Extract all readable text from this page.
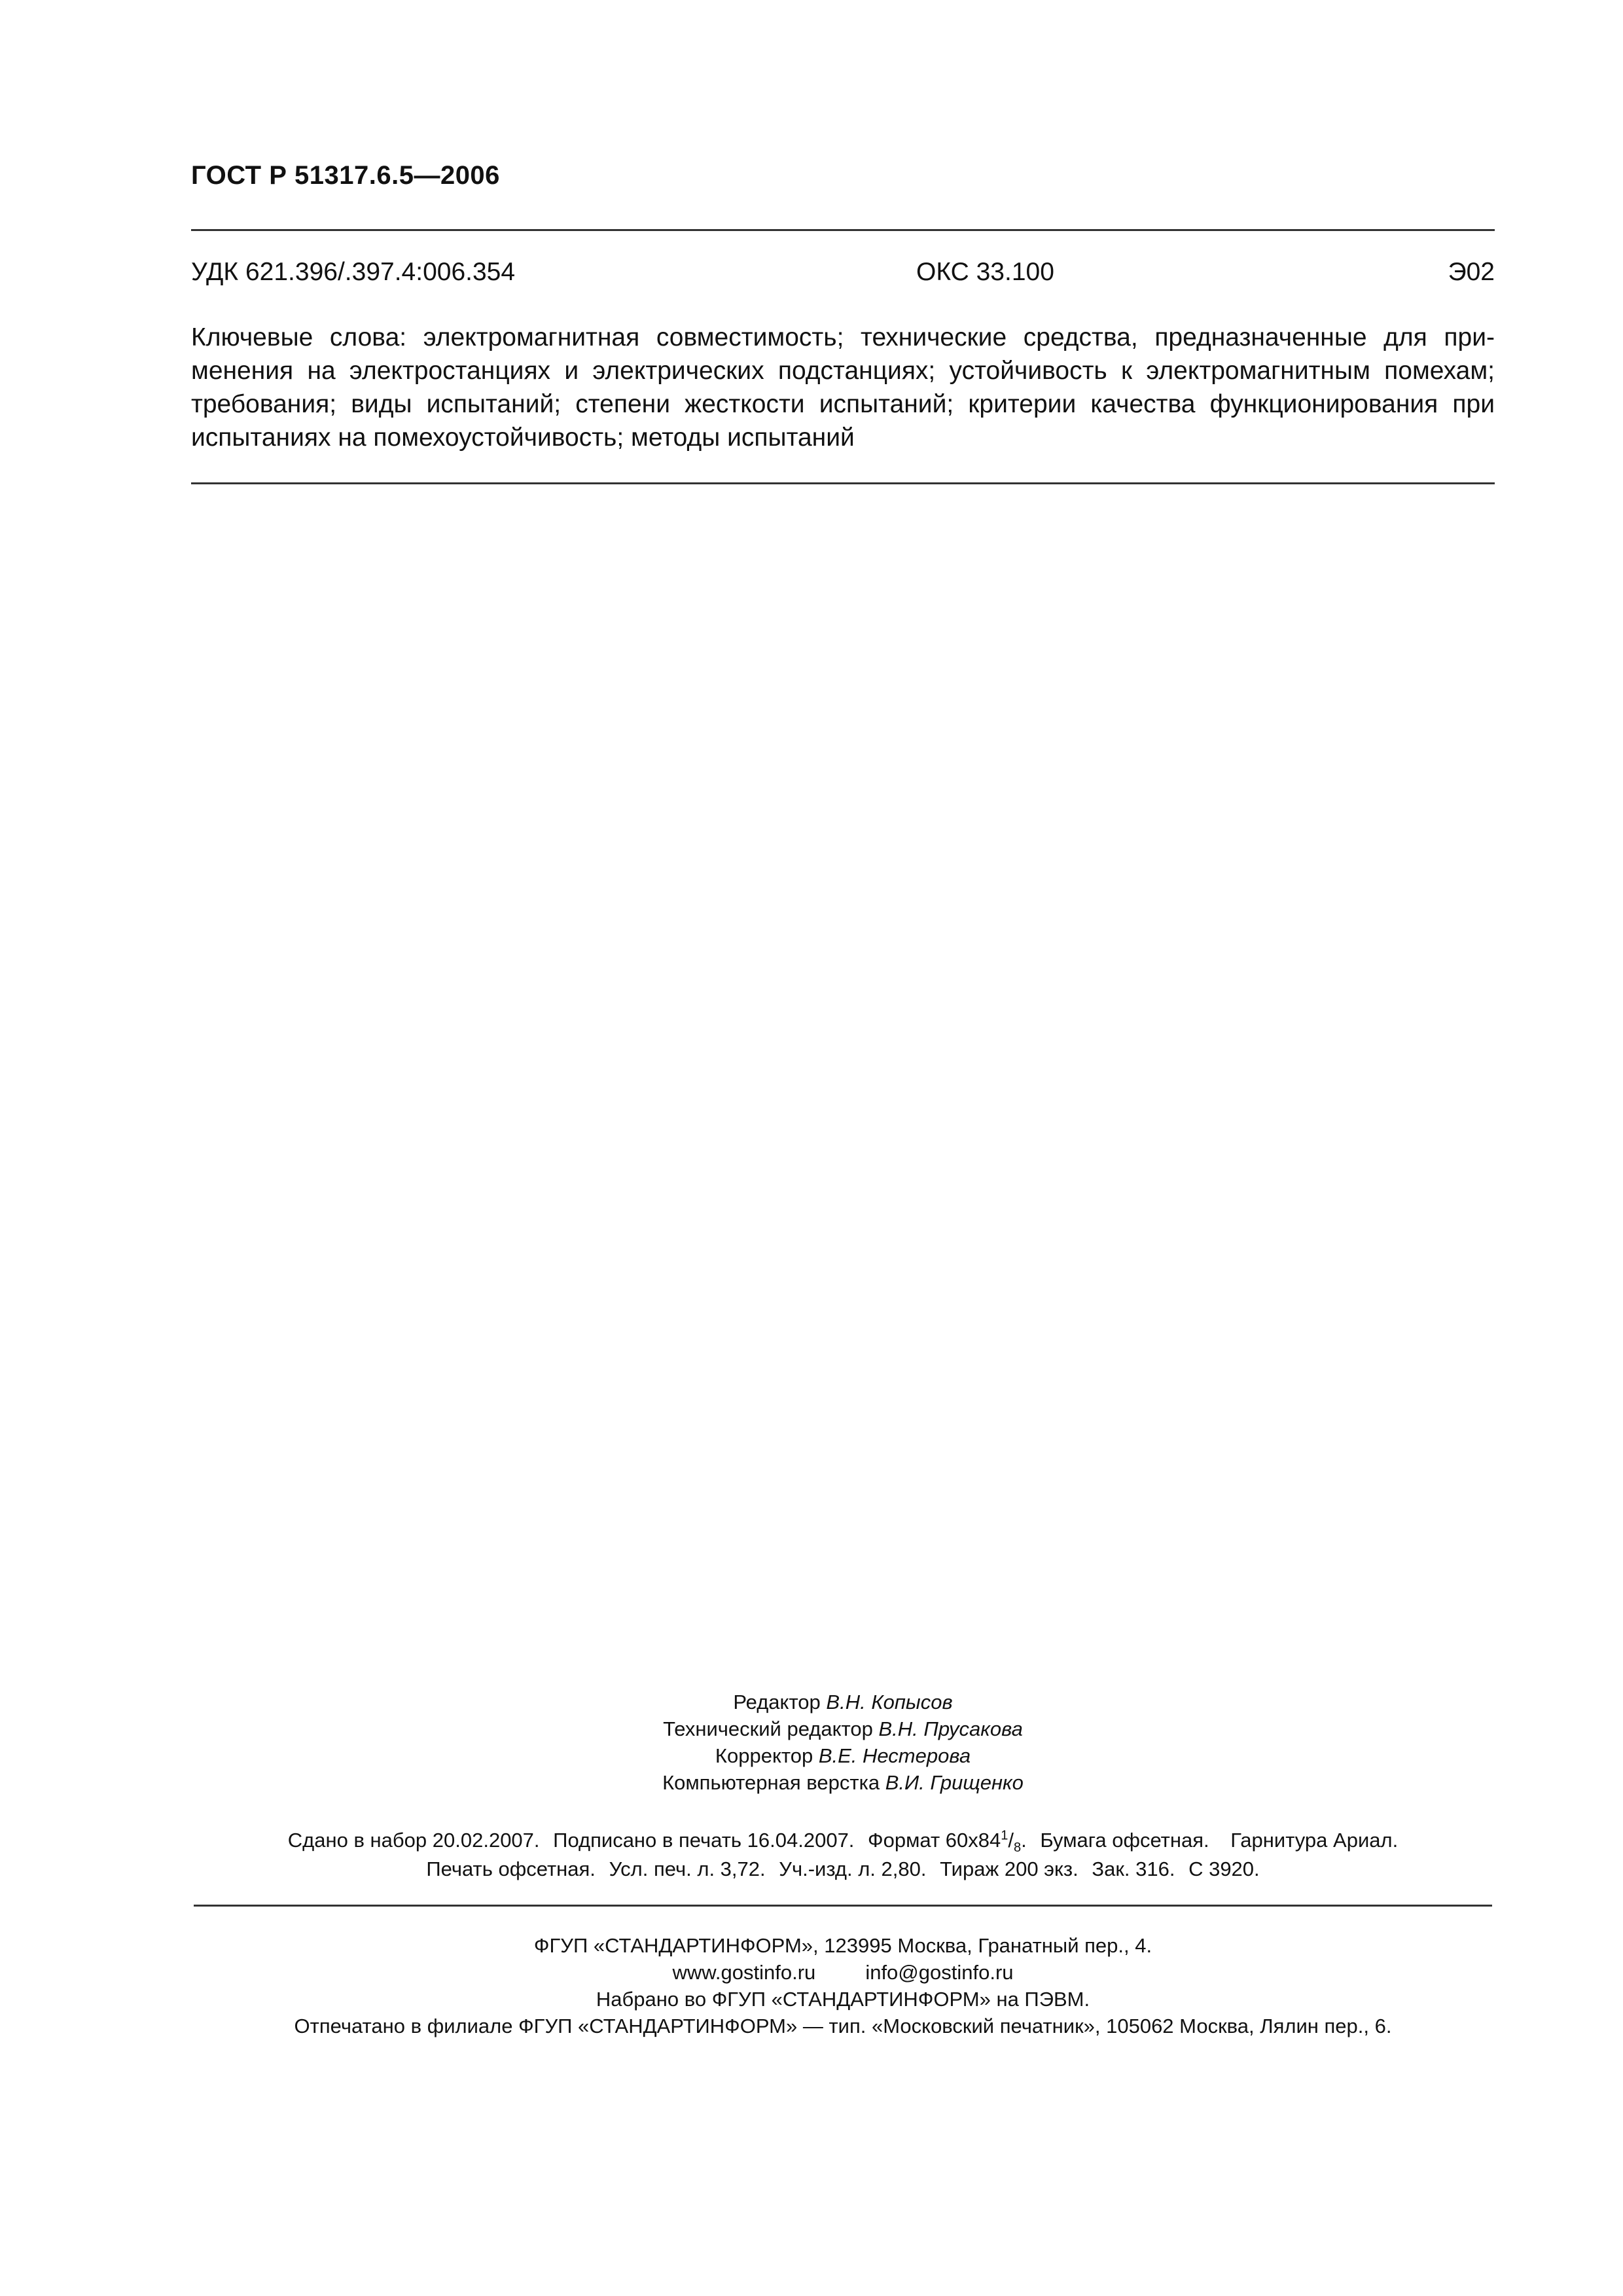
ГОСТ Р 51317.6.5—2006
УДК 621.396/.397.4:006.354	ОКС 33.100	Э02
Ключевые слова: электромагнитная совместимость; технические средства, предназначенные для при-
менения на электростанциях и электрических подстанциях; устойчивость к электромагнитным помехам;
требования; виды испытаний; степени жесткости испытаний; критерии качества функционирования при
испытаниях на помехоустойчивость; методы испытаний
Редактор В.Н. Копысов
Технический редактор В.Н. Прусакова
Корректор В.Е. Нестерова
Компьютерная верстка В.И. Грищенко
Сдано в набор 20.02.2007. Подписано в печать 16.04.2007. Формат $60x84^1/_8$. Бумага офсетная. Гарнитура Ариал.
Печать офсетная. Усл. печ. л. 3,72. Уч.-изд. л. 2,80. Тираж 200 экз. Зак. 316. С 3920.
ФГУП «СТАНДАРТИНФОРМ», 123995 Москва, Гранатный пер., 4.
www.gostinfo.ru info@gostinfo.ru
Набрано во ФГУП «СТАНДАРТИНФОРМ» на ПЭВМ.
Отпечатано в филиале ФГУП «СТАНДАРТИНФОРМ» — тип. «Московский печатник», 105062 Москва, Лялин пер., 6.
